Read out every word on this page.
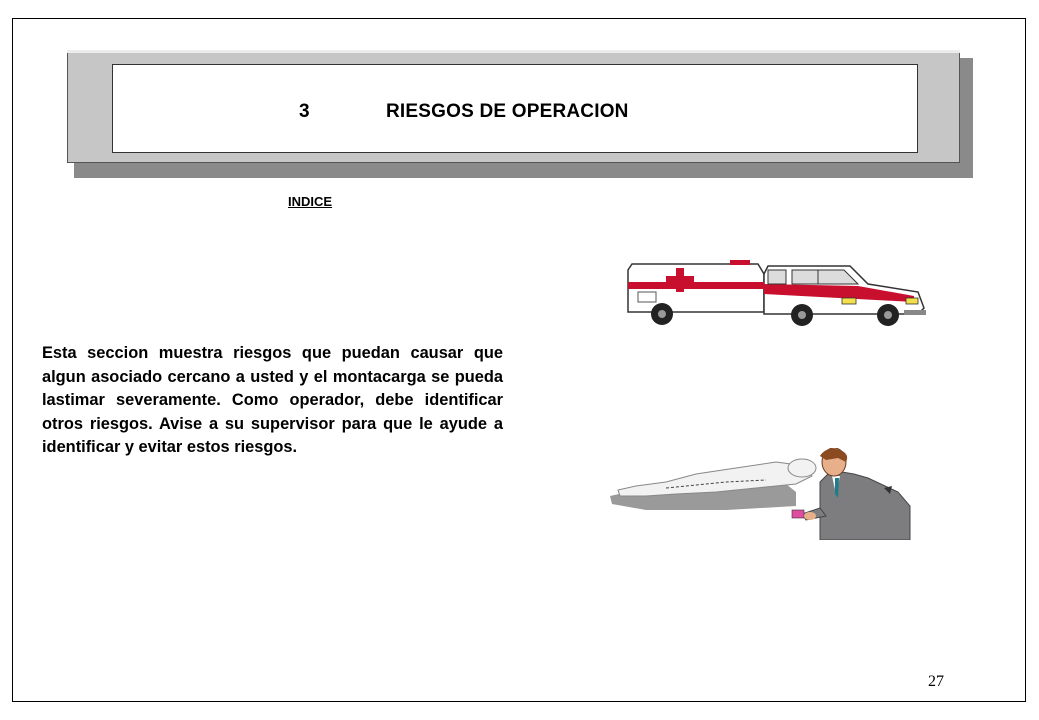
3	RIESGOS DE OPERACION
INDICE

Esta seccion muestra riesgos que puedan causar que algun asociado cercano a usted y el montacarga se pueda lastimar severamente. Como operador, debe identificar otros riesgos. Avise a su supervisor para que le ayude a identificar y evitar estos riesgos.

27
